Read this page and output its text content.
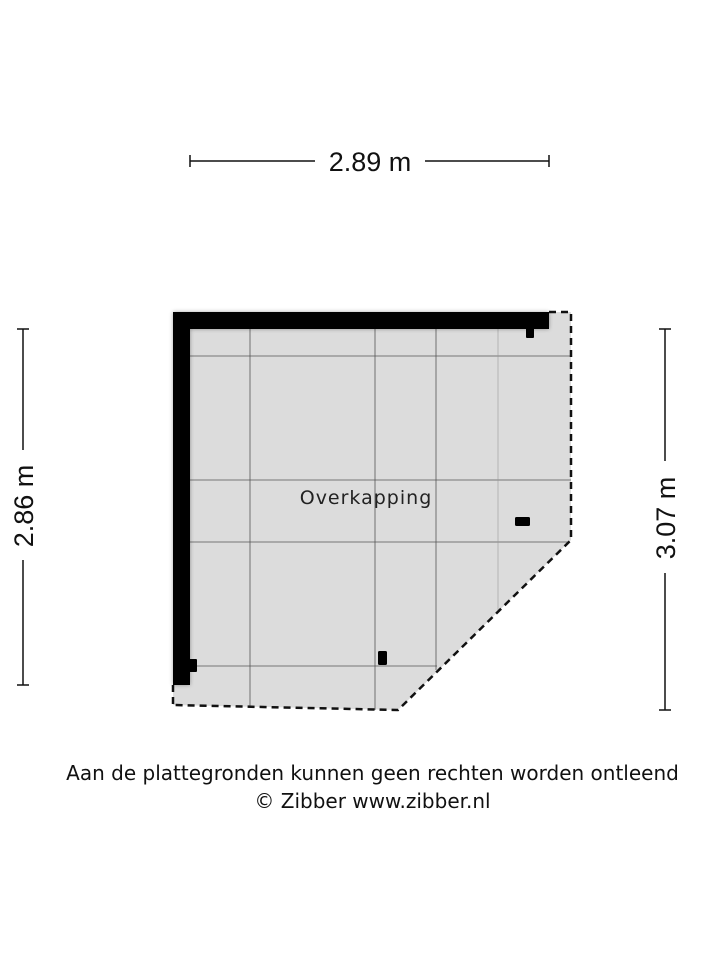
2.89 m
2.86 m	3.07 m
Overkapping
Aan de plattegronden kunnen geen rechten worden ontleend
© Zibber www.zibber.nl
